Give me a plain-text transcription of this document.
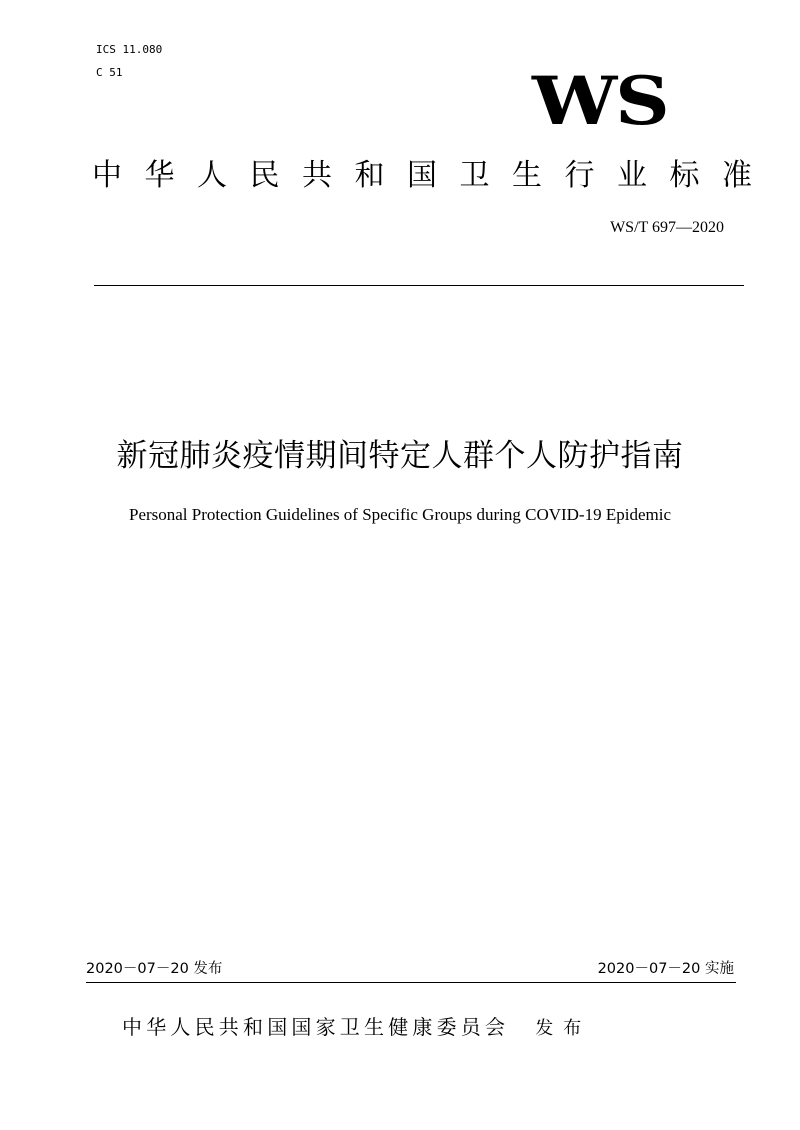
ICS 11.080
C 51	WS
中 华 人 民 共 和 国 卫 生 行 业 标 准
WS/T 697—2020
新冠肺炎疫情期间特定人群个人防护指南
Personal Protection Guidelines of Specific Groups during COVID-19 Epidemic
2020－07－20 发布	2020－07－20 实施
中华人民共和国国家卫生健康委员会 发布
